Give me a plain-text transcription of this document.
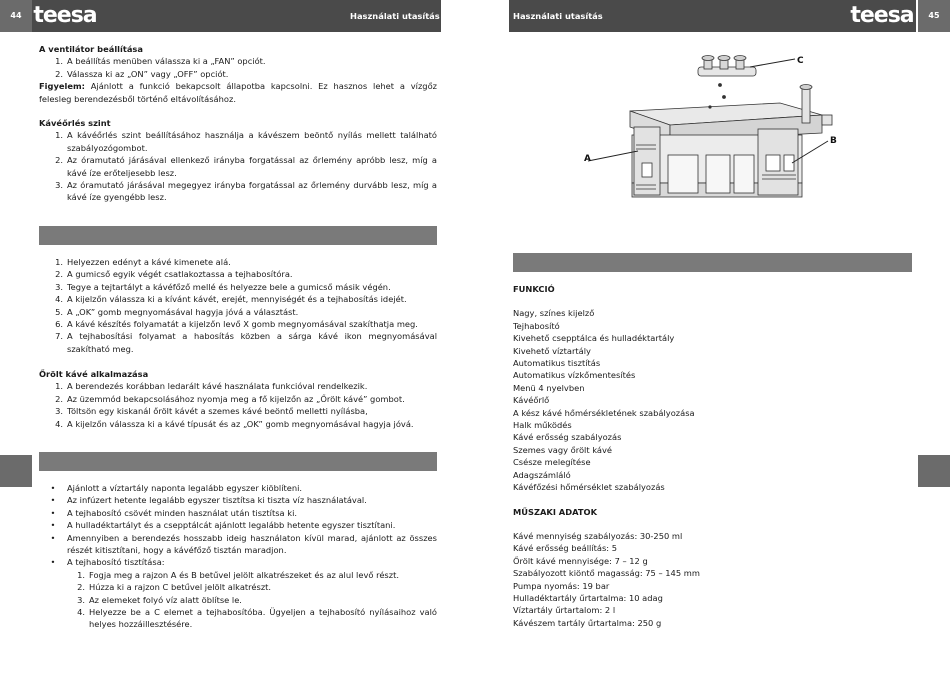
44	45
teesa	teesa
Használati utasítás	Használati utasítás
A ventilátor beállítása
1. A beállítás menüben válassza ki a „FAN” opciót.
2. Válassza ki az „ON” vagy „OFF” opciót.
Figyelem: Ajánlott a funkció bekapcsolt állapotba kapcsolni. Ez hasznos lehet a vízgőz felesleg berendezésből történő eltávolításához.
Kávéőrlés szint
1. A kávéőrlés szint beállításához használja a kávészem beöntő nyílás mellett található szabályozógombot.
2. Az óramutató járásával ellenkező irányba forgatással az őrlemény apróbb lesz, míg a kávé íze erőteljesebb lesz.
3. Az óramutató járásával megegyez irányba forgatással az őrlemény durvább lesz, míg a kávé íze gyengébb lesz.
1. Helyezzen edényt a kávé kimenete alá.
2. A gumicső egyik végét csatlakoztassa a tejhabosítóra.
3. Tegye a tejtartályt a kávéfőző mellé és helyezze bele a gumicső másik végén.
4. A kijelzőn válassza ki a kívánt kávét, erejét, mennyiségét és a tejhabosítás idejét.
5. A „OK” gomb megnyomásával hagyja jóvá a választást.
6. A kávé készítés folyamatát a kijelzőn levő X gomb megnyomásával szakíthatja meg.
7. A tejhabosítási folyamat a habosítás közben a sárga kávé ikon megnyomásával szakítható meg.
Őrölt kávé alkalmazása
1. A berendezés korábban ledarált kávé használata funkcióval rendelkezik.
2. Az üzemmód bekapcsolásához nyomja meg a fő kijelzőn az „Őrölt kávé” gombot.
3. Töltsön egy kiskanál őrölt kávét a szemes kávé beöntő melletti nyílásba,
4. A kijelzőn válassza ki a kávé típusát és az „OK” gomb megnyomásával hagyja jóvá.
•	Ajánlott a víztartály naponta legalább egyszer kiöblíteni.
•	Az infúzert hetente legalább egyszer tisztítsa ki tiszta víz használatával.
•	A tejhabosító csövét minden használat után tisztítsa ki.
•	A hulladéktartályt és a csepptálcát ajánlott legalább hetente egyszer tisztítani.
•	Amennyiben a berendezés hosszabb ideig használaton kívül marad, ajánlott az összes részét kitisztítani, hogy a kávéfőző tisztán maradjon.
•	A tejhabosító tisztítása:
1. Fogja meg a rajzon A és B betűvel jelölt alkatrészeket és az alul levő részt.
2. Húzza ki a rajzon C betűvel jelölt alkatrészt.
3. Az elemeket folyó víz alatt öblítse le.
4. Helyezze be a C elemet a tejhabosítóba. Ügyeljen a tejhabosító nyílásaihoz való helyes hozzáillesztésére.
C
A
B
FUNKCIÓ
Nagy, színes kijelző
Tejhabosító
Kivehető csepptálca és hulladéktartály
Kivehető víztartály
Automatikus tisztítás
Automatikus vízkőmentesítés
Menü 4 nyelvben
Kávéőrlő
A kész kávé hőmérsékletének szabályozása
Halk működés
Kávé erősség szabályozás
Szemes vagy őrölt kávé
Csésze melegítése
Adagszámláló
Kávéfőzési hőmérséklet szabályozás
MŰSZAKI ADATOK
Kávé mennyiség szabályozás: 30-250 ml
Kávé erősség beállítás: 5
Őrölt kávé mennyisége: 7 – 12 g
Szabályozott kiöntő magasság: 75 – 145 mm
Pumpa nyomás: 19 bar
Hulladéktartály űrtartalma: 10 adag
Víztartály űrtartalom: 2 l
Kávészem tartály űrtartalma: 250 g
